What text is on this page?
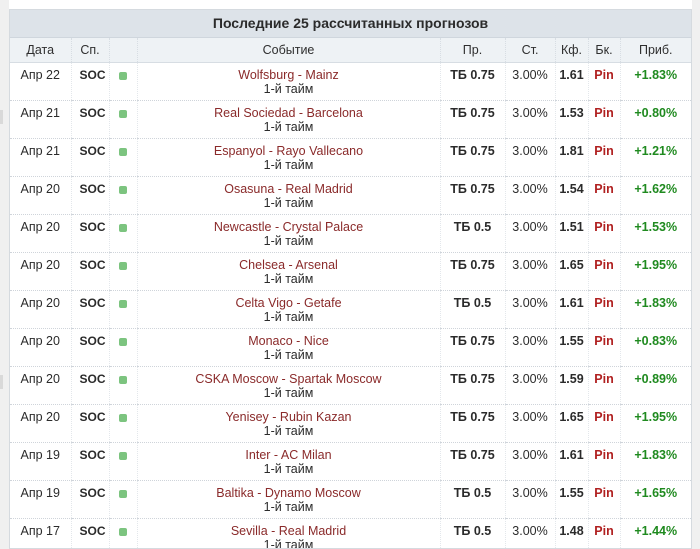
Последние 25 рассчитанных прогнозов
Дата	Сп.		Событие	Пр.	Ст.	Кф.	Бк.	Приб.

Апр 22	SOC		Wolfsburg - Mainz
1-й тайм	ТБ 0.75	3.00%	1.61	Pin	+1.83%

Апр 21	SOC		Real Sociedad - Barcelona
1-й тайм	ТБ 0.75	3.00%	1.53	Pin	+0.80%

Апр 21	SOC		Espanyol - Rayo Vallecano
1-й тайм	ТБ 0.75	3.00%	1.81	Pin	+1.21%

Апр 20	SOC		Osasuna - Real Madrid
1-й тайм	ТБ 0.75	3.00%	1.54	Pin	+1.62%

Апр 20	SOC		Newcastle - Crystal Palace
1-й тайм	ТБ 0.5	3.00%	1.51	Pin	+1.53%

Апр 20	SOC		Chelsea - Arsenal
1-й тайм	ТБ 0.75	3.00%	1.65	Pin	+1.95%

Апр 20	SOC		Celta Vigo - Getafe
1-й тайм	ТБ 0.5	3.00%	1.61	Pin	+1.83%

Апр 20	SOC		Monaco - Nice
1-й тайм	ТБ 0.75	3.00%	1.55	Pin	+0.83%

Апр 20	SOC		CSKA Moscow - Spartak Moscow
1-й тайм	ТБ 0.75	3.00%	1.59	Pin	+0.89%

Апр 20	SOC		Yenisey - Rubin Kazan
1-й тайм	ТБ 0.75	3.00%	1.65	Pin	+1.95%

Апр 19	SOC		Inter - AC Milan
1-й тайм	ТБ 0.75	3.00%	1.61	Pin	+1.83%

Апр 19	SOC		Baltika - Dynamo Moscow
1-й тайм	ТБ 0.5	3.00%	1.55	Pin	+1.65%

Апр 17	SOC		Sevilla - Real Madrid
1-й тайм	ТБ 0.5	3.00%	1.48	Pin	+1.44%
